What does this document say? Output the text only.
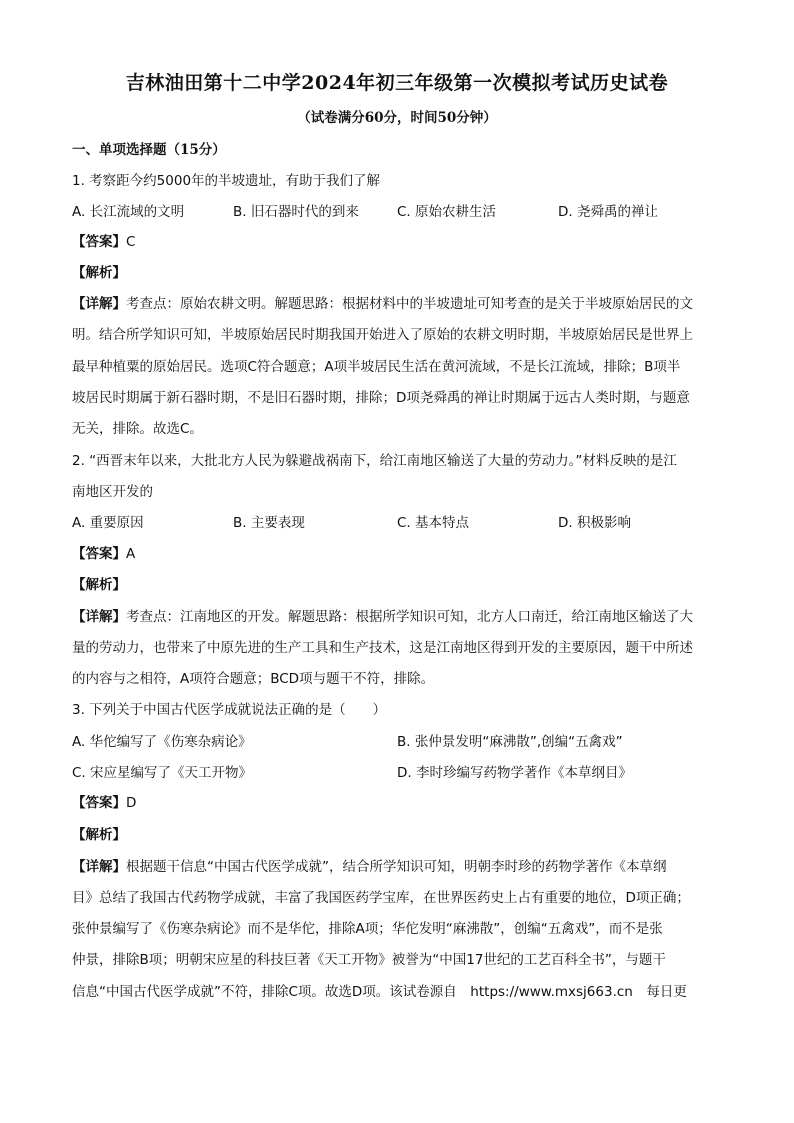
吉林油田第十二中学2024年初三年级第一次模拟考试历史试卷
（试卷满分60分，时间50分钟）
一、单项选择题（15分）
1. 考察距今约5000年的半坡遗址，有助于我们了解
A. 长江流域的文明	B. 旧石器时代的到来	C. 原始农耕生活	D. 尧舜禹的禅让
【答案】C
【解析】
【详解】考查点：原始农耕文明。解题思路：根据材料中的半坡遗址可知考查的是关于半坡原始居民的文
明。结合所学知识可知，半坡原始居民时期我国开始进入了原始的农耕文明时期，半坡原始居民是世界上
最早种植粟的原始居民。选项C符合题意；A项半坡居民生活在黄河流域，不是长江流域，排除；B项半
坡居民时期属于新石器时期，不是旧石器时期，排除；D项尧舜禹的禅让时期属于远古人类时期，与题意
无关，排除。故选C。
2. “西晋末年以来，大批北方人民为躲避战祸南下，给江南地区输送了大量的劳动力。”材料反映的是江
南地区开发的
A. 重要原因	B. 主要表现	C. 基本特点	D. 积极影响
【答案】A
【解析】
【详解】考查点：江南地区的开发。解题思路：根据所学知识可知，北方人口南迁，给江南地区输送了大
量的劳动力，也带来了中原先进的生产工具和生产技术，这是江南地区得到开发的主要原因，题干中所述
的内容与之相符，A项符合题意；BCD项与题干不符，排除。
3. 下列关于中国古代医学成就说法正确的是（　　）
A. 华佗编写了《伤寒杂病论》	B. 张仲景发明“麻沸散”,创编“五禽戏”
C. 宋应星编写了《天工开物》	D. 李时珍编写药物学著作《本草纲目》
【答案】D
【解析】
【详解】根据题干信息“中国古代医学成就”，结合所学知识可知，明朝李时珍的药物学著作《本草纲
目》总结了我国古代药物学成就，丰富了我国医药学宝库，在世界医药史上占有重要的地位，D项正确；
张仲景编写了《伤寒杂病论》而不是华佗，排除A项；华佗发明“麻沸散”，创编“五禽戏”，而不是张
仲景，排除B项；明朝宋应星的科技巨著《天工开物》被誉为“中国17世纪的工艺百科全书”，与题干
信息“中国古代医学成就”不符，排除C项。故选D项。该试卷源自　https://www.mxsj663.cn　每日更
